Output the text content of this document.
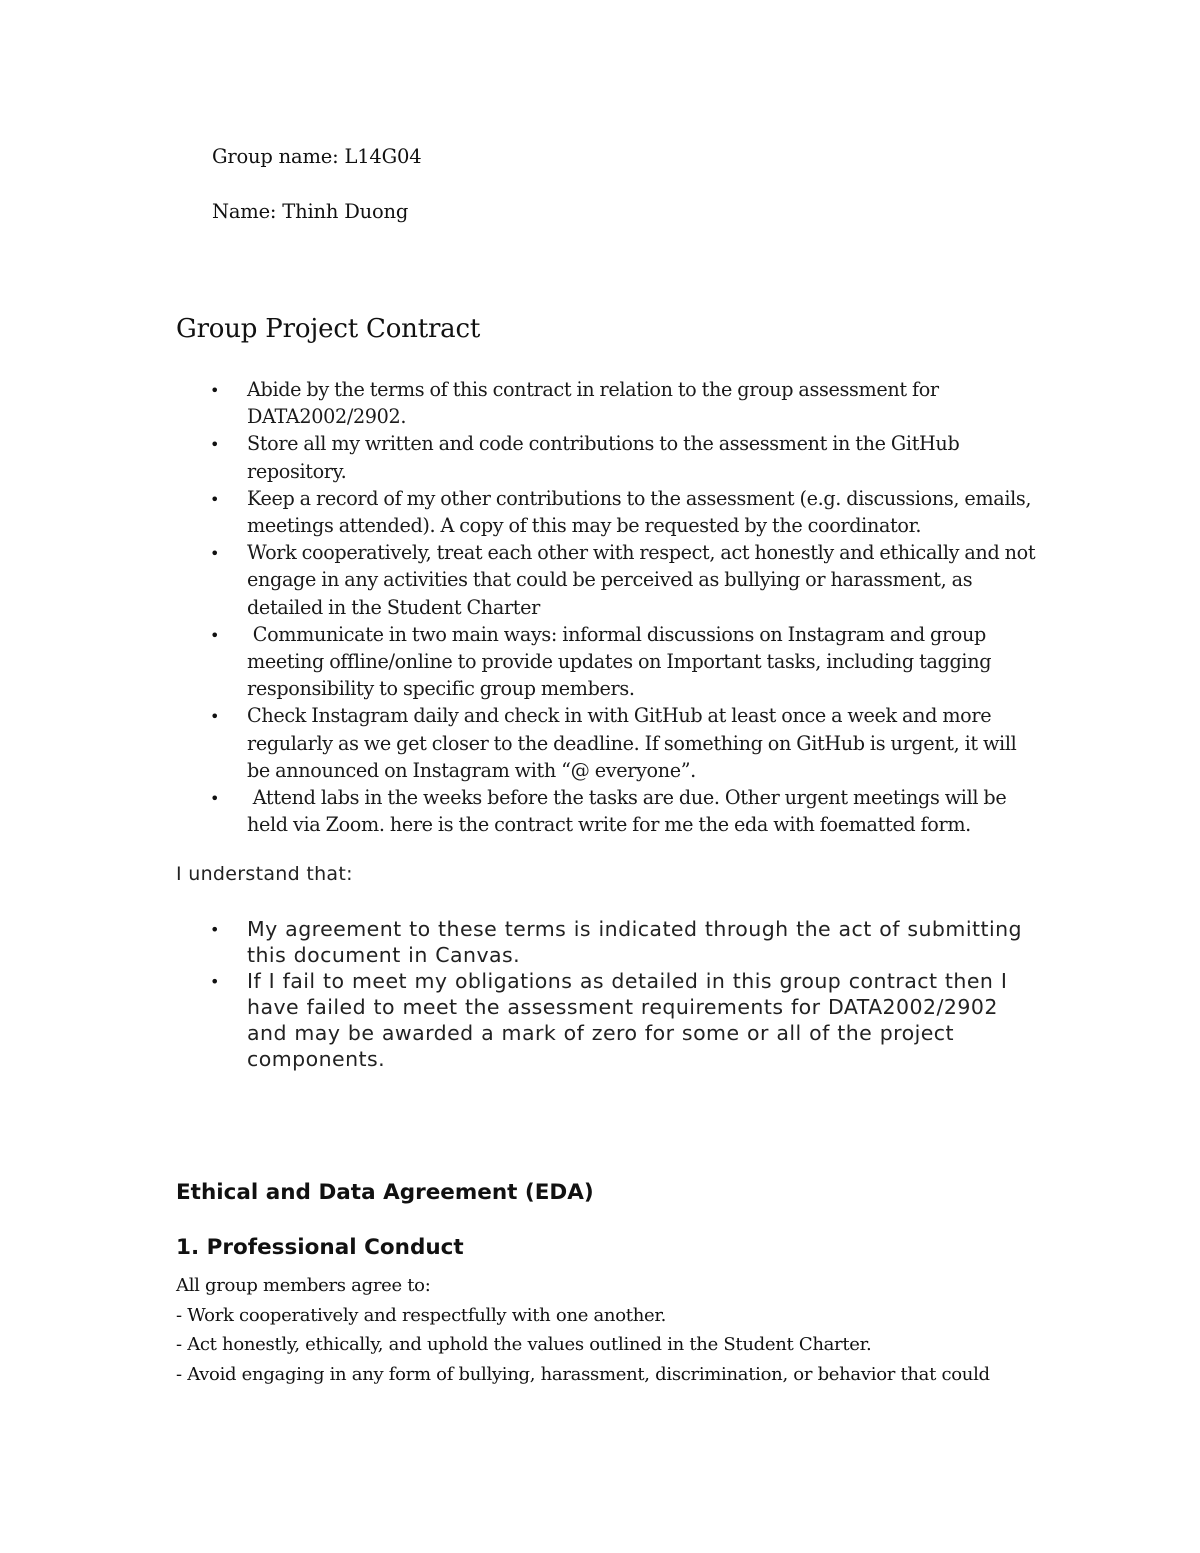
Group name: L14G04
Name: Thinh Duong
Group Project Contract
• Abide by the terms of this contract in relation to the group assessment for DATA2002/2902.
• Store all my written and code contributions to the assessment in the GitHub repository.
• Keep a record of my other contributions to the assessment (e.g. discussions, emails, meetings attended). A copy of this may be requested by the coordinator.
• Work cooperatively, treat each other with respect, act honestly and ethically and not engage in any activities that could be perceived as bullying or harassment, as detailed in the Student Charter
• Communicate in two main ways: informal discussions on Instagram and group meeting offline/online to provide updates on Important tasks, including tagging responsibility to specific group members.
• Check Instagram daily and check in with GitHub at least once a week and more regularly as we get closer to the deadline. If something on GitHub is urgent, it will be announced on Instagram with “@ everyone”.
• Attend labs in the weeks before the tasks are due. Other urgent meetings will be held via Zoom. here is the contract write for me the eda with foematted form.
I understand that:
• My agreement to these terms is indicated through the act of submitting this document in Canvas.
• If I fail to meet my obligations as detailed in this group contract then I have failed to meet the assessment requirements for DATA2002/2902 and may be awarded a mark of zero for some or all of the project components.
Ethical and Data Agreement (EDA)
1. Professional Conduct
All group members agree to:
- Work cooperatively and respectfully with one another.
- Act honestly, ethically, and uphold the values outlined in the Student Charter.
- Avoid engaging in any form of bullying, harassment, discrimination, or behavior that could
